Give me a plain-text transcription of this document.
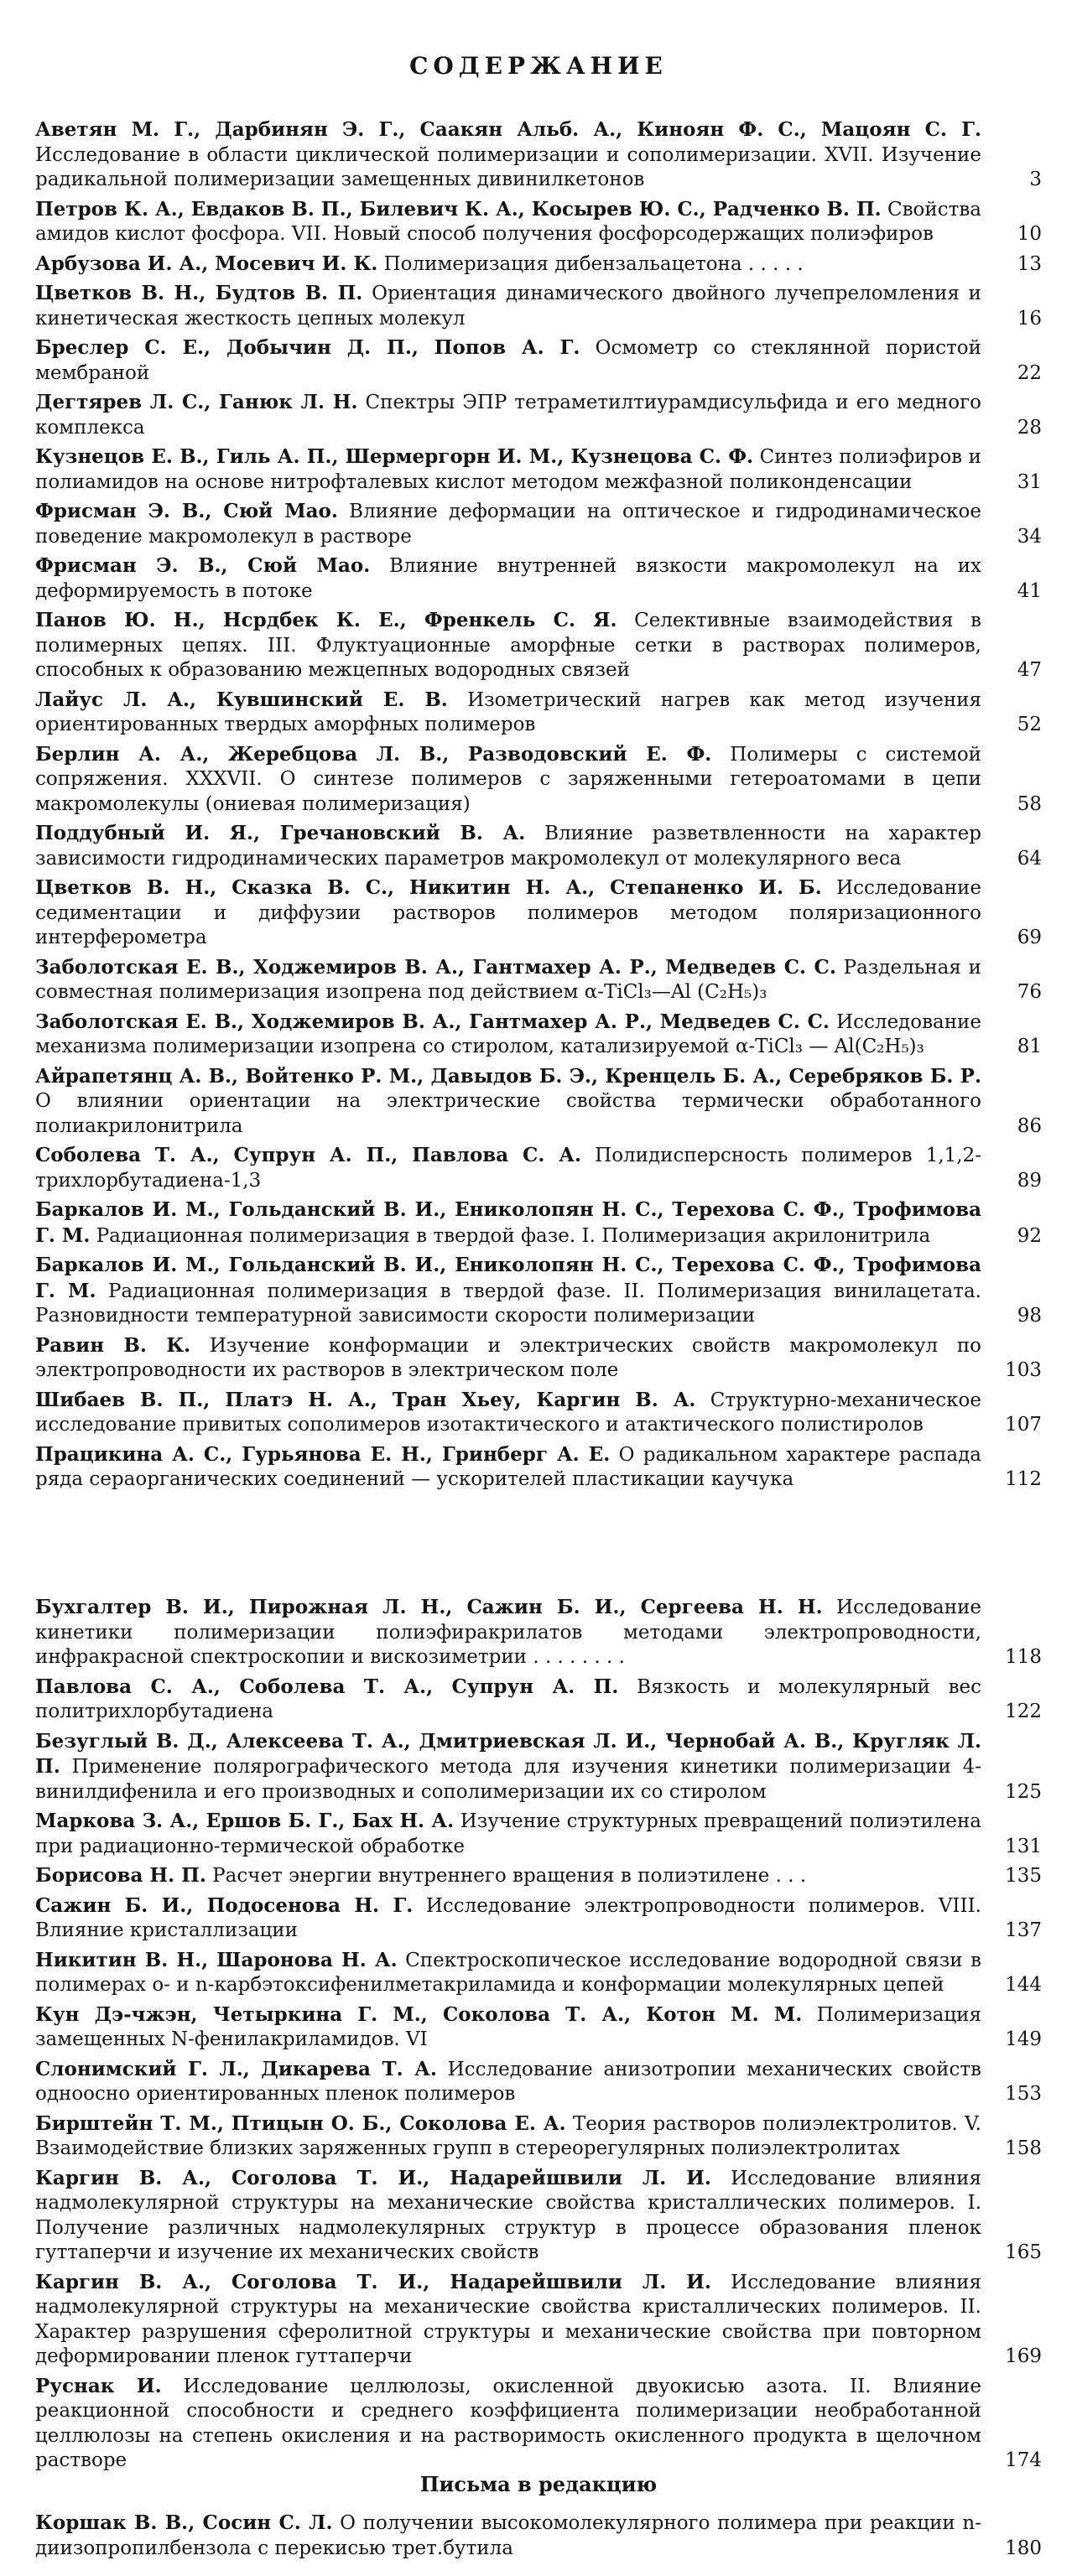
СОДЕРЖАНИЕ
Аветян М. Г., Дарбинян Э. Г., Саакян Альб. А., Киноян Ф. С., Мацоян С. Г. Исследование в области циклической полимеризации и сополимеризации. XVII. Изучение радикальной полимеризации замещенных дивинилкетонов	3
Петров К. А., Евдаков В. П., Билевич К. А., Косырев Ю. С., Радченко В. П. Свойства амидов кислот фосфора. VII. Новый способ получения фосфорсодержащих полиэфиров	10
Арбузова И. А., Мосевич И. К. Полимеризация дибензальацетона . . . . .	13
Цветков В. Н., Будтов В. П. Ориентация динамического двойного лучепреломления и кинетическая жесткость цепных молекул	16
Бреслер С. Е., Добычин Д. П., Попов А. Г. Осмометр со стеклянной пористой мембраной	22
Дегтярев Л. С., Ганюк Л. Н. Спектры ЭПР тетраметилтиурамдисульфида и его медного комплекса	28
Кузнецов Е. В., Гиль А. П., Шермергорн И. М., Кузнецова С. Ф. Синтез полиэфиров и полиамидов на основе нитрофталевых кислот методом межфазной поликонденсации	31
Фрисман Э. В., Сюй Мао. Влияние деформации на оптическое и гидродинамическое поведение макромолекул в растворе	34
Фрисман Э. В., Сюй Мао. Влияние внутренней вязкости макромолекул на их деформируемость в потоке	41
Панов Ю. Н., Нсрдбек К. Е., Френкель С. Я. Селективные взаимодействия в полимерных цепях. III. Флуктуационные аморфные сетки в растворах полимеров, способных к образованию межцепных водородных связей	47
Лайус Л. А., Кувшинский Е. В. Изометрический нагрев как метод изучения ориентированных твердых аморфных полимеров	52
Берлин А. А., Жеребцова Л. В., Разводовский Е. Ф. Полимеры с системой сопряжения. XXXVII. О синтезе полимеров с заряженными гетероатомами в цепи макромолекулы (ониевая полимеризация)	58
Поддубный И. Я., Гречановский В. А. Влияние разветвленности на характер зависимости гидродинамических параметров макромолекул от молекулярного веса	64
Цветков В. Н., Сказка В. С., Никитин Н. А., Степаненко И. Б. Исследование седиментации и диффузии растворов полимеров методом поляризационного интерферометра	69
Заболотская Е. В., Ходжемиров В. А., Гантмахер А. Р., Медведев С. С. Раздельная и совместная полимеризация изопрена под действием α-TiCl₃—Al (C₂H₅)₃	76
Заболотская Е. В., Ходжемиров В. А., Гантмахер А. Р., Медведев С. С. Исследование механизма полимеризации изопрена со стиролом, катализируемой α-TiCl₃ — Al(C₂H₅)₃	81
Айрапетянц А. В., Войтенко Р. М., Давыдов Б. Э., Кренцель Б. А., Серебряков Б. Р. О влиянии ориентации на электрические свойства термически обработанного полиакрилонитрила	86
Соболева Т. А., Супрун А. П., Павлова С. А. Полидисперсность полимеров 1,1,2-трихлорбутадиена-1,3	89
Баркалов И. М., Гольданский В. И., Ениколопян Н. С., Терехова С. Ф., Трофимова Г. М. Радиационная полимеризация в твердой фазе. I. Полимеризация акрилонитрила	92
Баркалов И. М., Гольданский В. И., Ениколопян Н. С., Терехова С. Ф., Трофимова Г. М. Радиационная полимеризация в твердой фазе. II. Полимеризация винилацетата. Разновидности температурной зависимости скорости полимеризации	98
Равин В. К. Изучение конформации и электрических свойств макромолекул по электропроводности их растворов в электрическом поле	103
Шибаев В. П., Платэ Н. А., Тран Хьеу, Каргин В. А. Структурно-механическое исследование привитых сополимеров изотактического и атактического полистиролов	107
Працикина А. С., Гурьянова Е. Н., Гринберг А. Е. О радикальном характере распада ряда сераорганических соединений — ускорителей пластикации каучука	112
Бухгалтер В. И., Пирожная Л. Н., Сажин Б. И., Сергеева Н. Н. Исследование кинетики полимеризации полиэфиракрилатов методами электропроводности, инфракрасной спектроскопии и вискозиметрии . . . . . . . .	118
Павлова С. А., Соболева Т. А., Супрун А. П. Вязкость и молекулярный вес политрихлорбутадиена	122
Безуглый В. Д., Алексеева Т. А., Дмитриевская Л. И., Чернобай А. В., Кругляк Л. П. Применение полярографического метода для изучения кинетики полимеризации 4-винилдифенила и его производных и сополимеризации их со стиролом	125
Маркова З. А., Ершов Б. Г., Бах Н. А. Изучение структурных превращений полиэтилена при радиационно-термической обработке	131
Борисова Н. П. Расчет энергии внутреннего вращения в полиэтилене . . .	135
Сажин Б. И., Подосенова Н. Г. Исследование электропроводности полимеров. VIII. Влияние кристаллизации	137
Никитин В. Н., Шаронова Н. А. Спектроскопическое исследование водородной связи в полимерах о- и n-карбэтоксифенилметакриламида и конформации молекулярных цепей	144
Кун Дэ-чжэн, Четыркина Г. М., Соколова Т. А., Котон М. М. Полимеризация замещенных N-фенилакриламидов. VI	149
Слонимский Г. Л., Дикарева Т. А. Исследование анизотропии механических свойств одноосно ориентированных пленок полимеров	153
Бирштейн Т. М., Птицын О. Б., Соколова Е. А. Теория растворов полиэлектролитов. V. Взаимодействие близких заряженных групп в стереорегулярных полиэлектролитах	158
Каргин В. А., Соголова Т. И., Надарейшвили Л. И. Исследование влияния надмолекулярной структуры на механические свойства кристаллических полимеров. I. Получение различных надмолекулярных структур в процессе образования пленок гуттаперчи и изучение их механических свойств	165
Каргин В. А., Соголова Т. И., Надарейшвили Л. И. Исследование влияния надмолекулярной структуры на механические свойства кристаллических полимеров. II. Характер разрушения сферолитной структуры и механические свойства при повторном деформировании пленок гуттаперчи	169
Руснак И. Исследование целлюлозы, окисленной двуокисью азота. II. Влияние реакционной способности и среднего коэффициента полимеризации необработанной целлюлозы на степень окисления и на растворимость окисленного продукта в щелочном растворе	174
Письма в редакцию
Коршак В. В., Сосин С. Л. О получении высокомолекулярного полимера при реакции n-диизопропилбензола с перекисью трет.бутила	180
